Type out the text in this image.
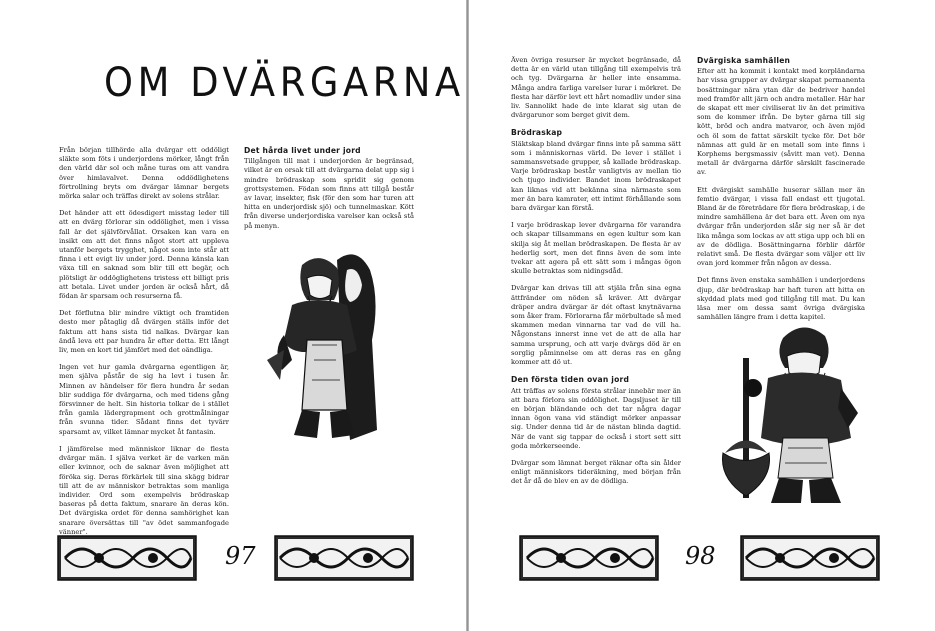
OM DVÄRGARNA

Från början tillhörde alla dvärgar ett oddöligt släkte som föts i underjordens mörker, långt från den värld där sol och måne turas om att vandra över himlavalvet. Denna oddödlighetens förtrollning bryts om dvärgar lämnar bergets mörka salar och träffas direkt av solens strålar.

Det händer att ett ödesdigert misstag leder till att en dvärg förlorar sin oddölighet, men i vissa fall är det självförvållat. Orsaken kan vara en insikt om att det finns något stort att uppleva utanför bergets trygghet, något som inte står att finna i ett evigt liv under jord. Denna känsla kan växa till en saknad som blir till ett begär, och plötsligt är oddöglighetens tristess ett billigt pris att betala. Livet under jorden är också hårt, då födan är sparsam och resurserna få.

Det förflutna blir mindre viktigt och framtiden desto mer påtaglig då dvärgen ställs inför det faktum att hans sista tid nalkas. Dvärgar kan ändå leva ett par hundra år efter detta. Ett långt liv, men en kort tid jämfört med det oändliga.

Ingen vet hur gamla dvärgarna egentligen är, men själva påstår de sig ha levt i tusen år. Minnen av händelser för flera hundra år sedan blir suddiga för dvärgarna, och med tidens gång försvinner de helt. Sin historia tolkar de i stället från gamla lädergrapment och grottmålningar från svunna tider. Sådant finns det tyvärr sparsamt av, vilket lämnar mycket åt fantasin.

I jämförelse med människor liknar de flesta dvärgar män. I själva verket är de varken män eller kvinnor, och de saknar även möjlighet att föröka sig. Deras förkärlek till sina skägg bidrar till att de av människor betraktas som manliga individer. Ord som exempelvis brödraskap baseras på detta faktum, snarare än deras kön. Det dvärgiska ordet för denna samhörighet kan snarare översättas till "av ödet sammanfogade vänner".

Det hårda livet under jord

Tillgången till mat i underjorden är begränsad, vilket är en orsak till att dvärgarna delat upp sig i mindre brödraskap som spridit sig genom grottsystemen. Födan som finns att tillgå består av lavar, insekter, fisk (för den som har turen att hitta en underjordisk sjö) och tunnelmaskar. Kött från diverse underjordiska varelser kan också stå på menyn.

97

Även övriga resurser är mycket begränsade, då detta är en värld utan tillgång till exempelvis trä och tyg. Dvärgarna är heller inte ensamma. Många andra farliga varelser lurar i mörkret. De flesta har därför levt ett hårt nomadliv under sina liv. Sannolikt hade de inte klarat sig utan de dvärgarunor som berget givit dem.

Brödraskap

Släktskap bland dvärgar finns inte på samma sätt som i människornas värld. De lever i stället i sammansvetsade grupper, så kallade brödraskap. Varje brödraskap består vanligtvis av mellan tio och tjugo individer. Bandet inom brödraskapet kan liknas vid att bekänna sina närmaste som mer än bara kamrater, ett intimt förhållande som bara dvärgar kan förstå.

I varje brödraskap lever dvärgarna för varandra och skapar tillsammans en egen kultur som kan skilja sig åt mellan brödraskapen. De flesta är av hederlig sort, men det finns även de som inte tvekar att agera på ett sätt som i mångas ögon skulle betraktas som nidingsdåd.

Dvärgar kan drivas till att stjäla från sina egna ättfränder om nöden så kräver. Att dvärgar dräper andra dvärgar är dét oftast knytnävarna som åker fram. Förlorarna får mörbultade så med skammen medan vinnarna tar vad de vill ha. Någonstans innerst inne vet de att de alla har samma ursprung, och att varje dvärgs död är en sorglig påminnelse om att deras ras en gång kommer att dö ut.

Den första tiden ovan jord

Att träffas av solens första strålar innebär mer än att bara förlora sin oddölighet. Dagsljuset är till en början bländande och det tar några dagar innan ögon vana vid ständigt mörker anpassar sig. Under denna tid är de nästan blinda dagtid. När de vant sig tappar de också i stort sett sitt goda mörkerseende.

Dvärgar som lämnat berget räknar ofta sin ålder enligt människors tideräkning, med början från det år då de blev en av de dödliga.

Dvärgiska samhällen

Efter att ha kommit i kontakt med korpländarna har vissa grupper av dvärgar skapat permanenta bosättningar nära ytan där de bedriver handel med framför allt järn och andra metaller. Här har de skapat ett mer civiliserat liv än det primitiva som de kommer ifrån. De byter gärna till sig kött, bröd och andra matvaror, och även mjöd och öl som de fattat särskilt tycke för. Det bör nämnas att guld är en metall som inte finns i Korphems bergsmassiv (såvitt man vet). Denna metall är dvärgarna därför särskilt fascinerade av.

Ett dvärgiskt samhälle huserar sällan mer än femtio dvärgar, i vissa fall endast ett tjugotal. Bland är de företrädare för flera brödraskap, i de mindre samhällena är det bara ett. Även om nya dvärgar från underjorden slår sig ner så är det lika många som lockas av att stiga upp och bli en av de dödliga. Bosättningarna förblir därför relativt små. De flesta dvärgar som väljer ett liv ovan jord kommer från någon av dessa.

Det finns även enstaka samhällen i underjordens djup, där brödraskap har haft turen att hitta en skyddad plats med god tillgång till mat. Du kan läsa mer om dessa samt övriga dvärgiska samhällen längre fram i detta kapitel.

98
